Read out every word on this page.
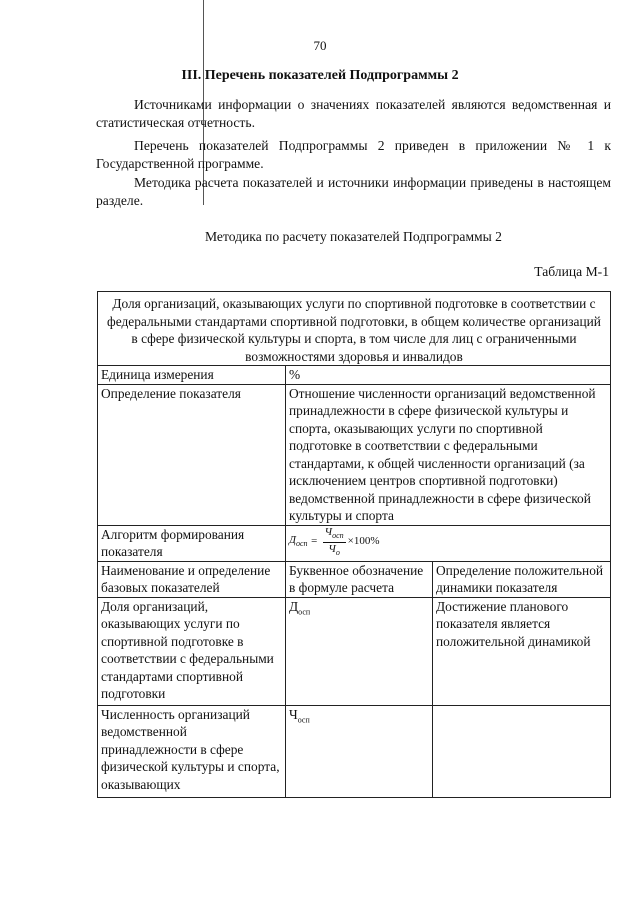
70
III. Перечень показателей Подпрограммы 2

Источниками информации о значениях показателей являются ведомственная и статистическая отчетность.

Перечень показателей Подпрограммы 2 приведен в приложении № 1 к Государственной программе.

Методика расчета показателей и источники информации приведены в настоящем разделе.

Методика по расчету показателей Подпрограммы 2
Таблица М-1
Доля организаций, оказывающих услуги по спортивной подготовке в соответствии с федеральными стандартами спортивной подготовки, в общем количестве организаций в сфере физической культуры и спорта, в том числе для лиц с ограниченными возможностями здоровья и инвалидов		
Единица измерения	%	
Определение показателя	Отношение численности организаций ведомственной принадлежности в сфере физической культуры и спорта, оказывающих услуги по спортивной подготовке в соответствии с федеральными стандартами, к общей численности организаций (за исключением центров спортивной подготовки) ведомственной принадлежности в сфере физической культуры и спорта	
Алгоритм формирования показателя	$Д_{осп} = \frac{Ч_{осп}}{Ч_о} \times 100\%$	

Наименование и определение базовых показателей	Буквенное обозначение в формуле расчета	Определение положительной динамики показателя
Доля организаций, оказывающих услуги по спортивной подготовке в соответствии с федеральными стандартами спортивной подготовки	$Д_{осп}$	Достижение планового показателя является положительной динамикой
Численность организаций ведомственной принадлежности в сфере физической культуры и спорта, оказывающих	$Ч_{осп}$	
